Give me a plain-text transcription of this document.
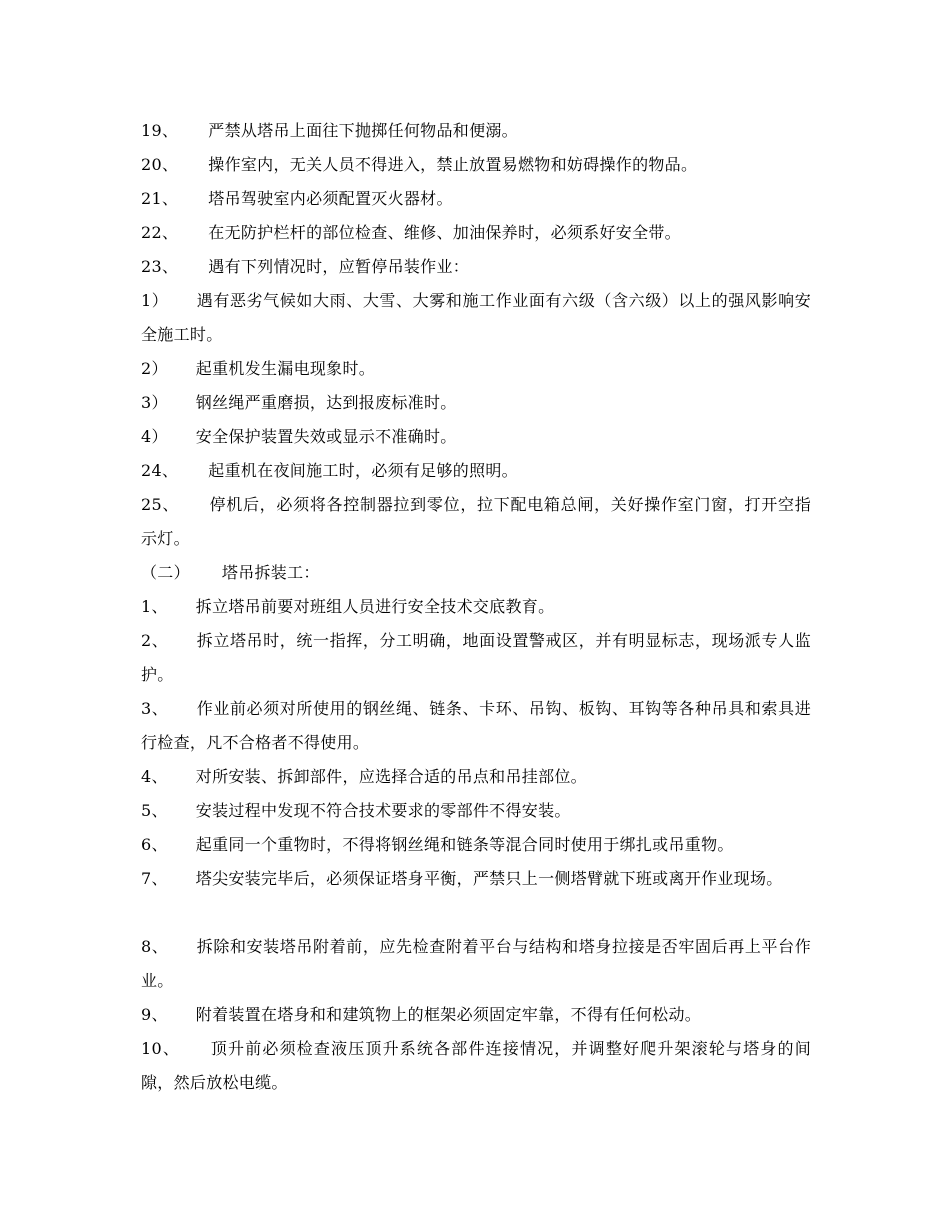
19、 严禁从塔吊上面往下抛掷任何物品和便溺。
20、 操作室内，无关人员不得进入，禁止放置易燃物和妨碍操作的物品。
21、 塔吊驾驶室内必须配置灭火器材。
22、 在无防护栏杆的部位检查、维修、加油保养时，必须系好安全带。
23、 遇有下列情况时，应暂停吊装作业：
1） 遇有恶劣气候如大雨、大雪、大雾和施工作业面有六级（含六级）以上的强风影响安全施工时。
2） 起重机发生漏电现象时。
3） 钢丝绳严重磨损，达到报废标准时。
4） 安全保护装置失效或显示不准确时。
24、 起重机在夜间施工时，必须有足够的照明。
25、 停机后，必须将各控制器拉到零位，拉下配电箱总闸，关好操作室门窗，打开空指示灯。
（二） 塔吊拆装工：
1、 拆立塔吊前要对班组人员进行安全技术交底教育。
2、 拆立塔吊时，统一指挥，分工明确，地面设置警戒区，并有明显标志，现场派专人监护。
3、 作业前必须对所使用的钢丝绳、链条、卡环、吊钩、板钩、耳钩等各种吊具和索具进行检查，凡不合格者不得使用。
4、 对所安装、拆卸部件，应选择合适的吊点和吊挂部位。
5、 安装过程中发现不符合技术要求的零部件不得安装。
6、 起重同一个重物时，不得将钢丝绳和链条等混合同时使用于绑扎或吊重物。
7、 塔尖安装完毕后，必须保证塔身平衡，严禁只上一侧塔臂就下班或离开作业现场。
8、 拆除和安装塔吊附着前，应先检查附着平台与结构和塔身拉接是否牢固后再上平台作业。
9、 附着装置在塔身和和建筑物上的框架必须固定牢靠，不得有任何松动。
10、 顶升前必须检查液压顶升系统各部件连接情况，并调整好爬升架滚轮与塔身的间隙，然后放松电缆。
